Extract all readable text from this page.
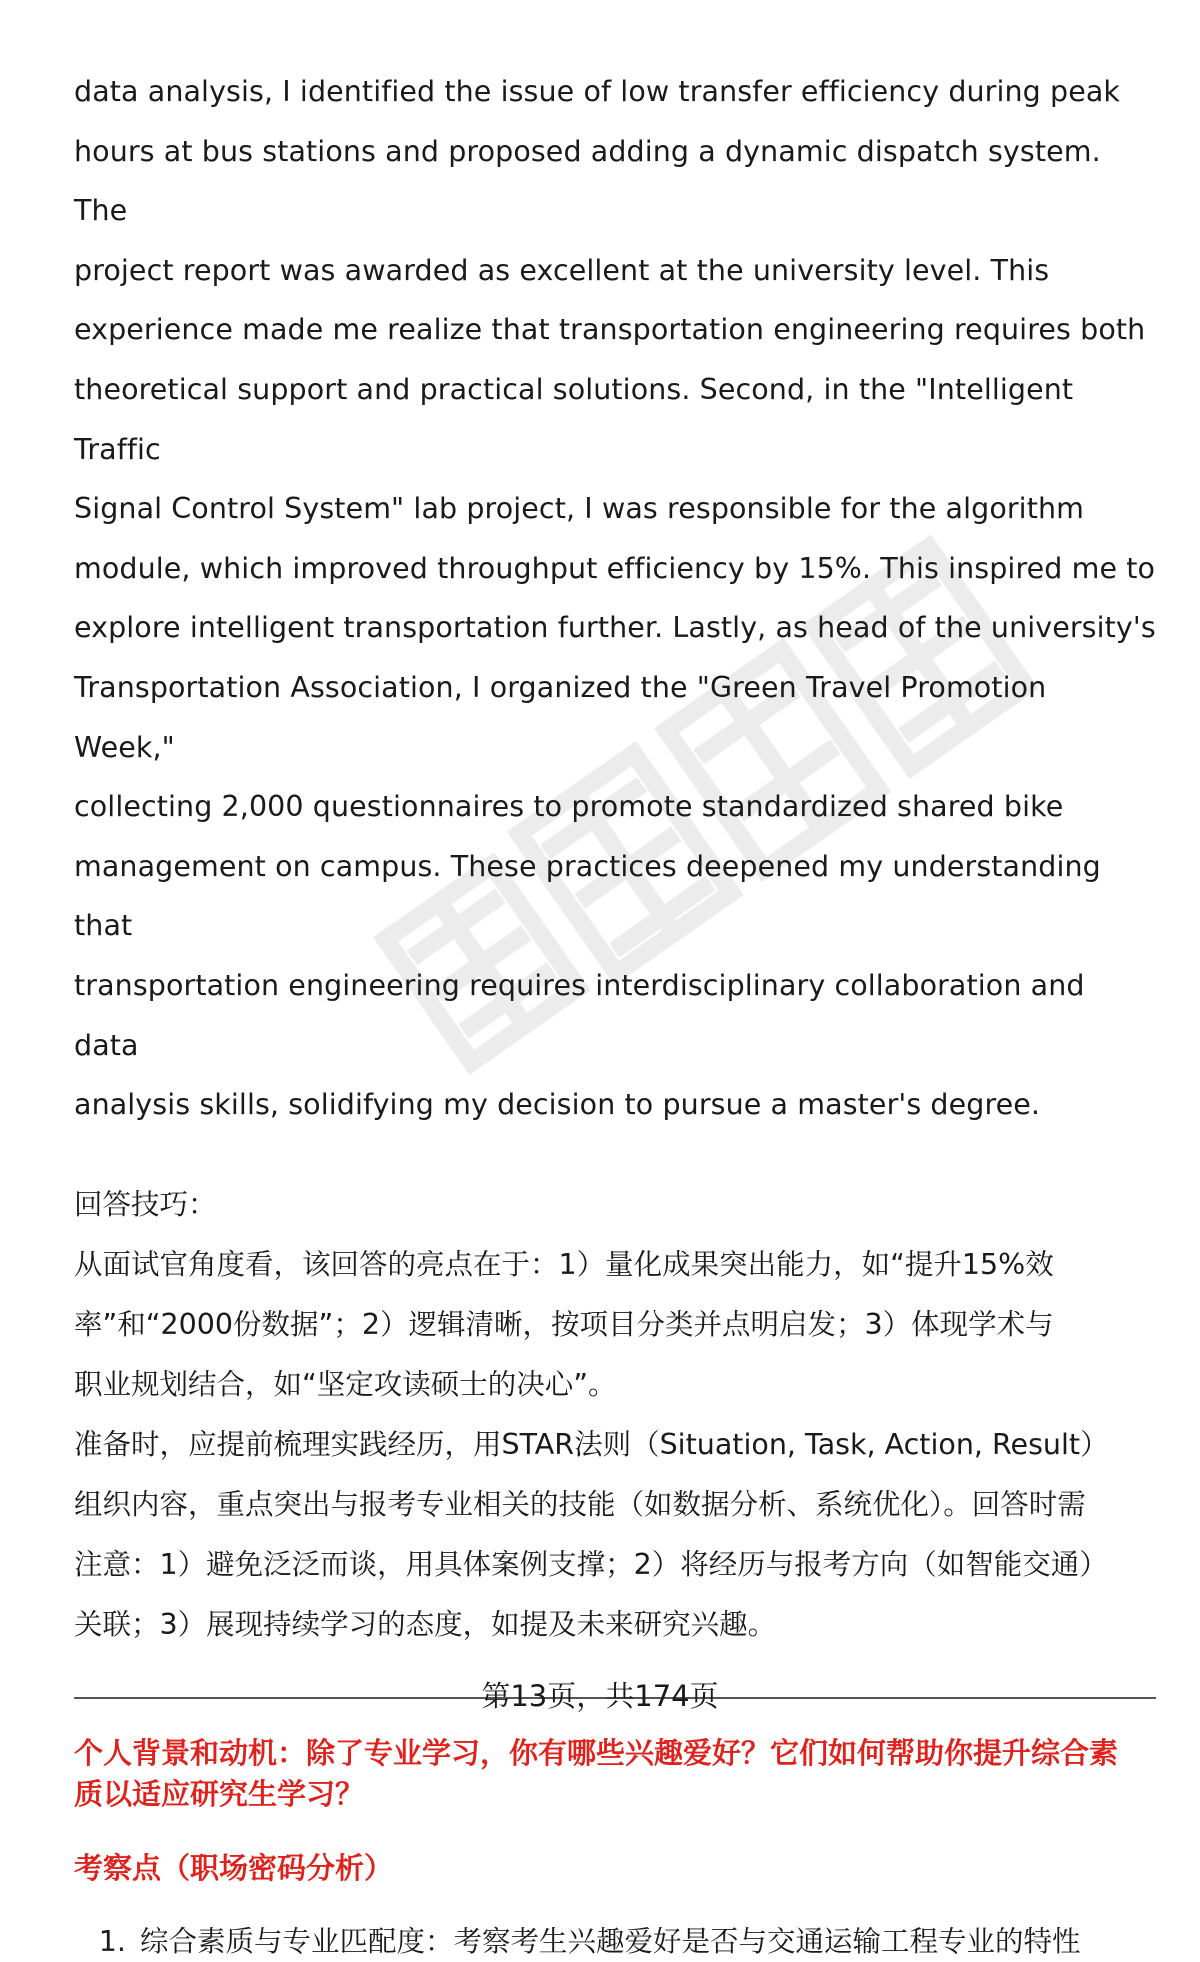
data analysis, I identified the issue of low transfer efficiency during peak
hours at bus stations and proposed adding a dynamic dispatch system. The
project report was awarded as excellent at the university level. This
experience made me realize that transportation engineering requires both
theoretical support and practical solutions. Second, in the "Intelligent Traffic
Signal Control System" lab project, I was responsible for the algorithm
module, which improved throughput efficiency by 15%. This inspired me to
explore intelligent transportation further. Lastly, as head of the university's
Transportation Association, I organized the "Green Travel Promotion Week,"
collecting 2,000 questionnaires to promote standardized shared bike
management on campus. These practices deepened my understanding that
transportation engineering requires interdisciplinary collaboration and data
analysis skills, solidifying my decision to pursue a master's degree.

回答技巧：

从面试官角度看，该回答的亮点在于：1）量化成果突出能力，如“提升15%效

率”和“2000份数据”；2）逻辑清晰，按项目分类并点明启发；3）体现学术与

职业规划结合，如“坚定攻读硕士的决心”。

准备时，应提前梳理实践经历，用STAR法则（Situation, Task, Action, Result）

组织内容，重点突出与报考专业相关的技能（如数据分析、系统优化）。回答时需

注意：1）避免泛泛而谈，用具体案例支撑；2）将经历与报考方向（如智能交通）

关联；3）展现持续学习的态度，如提及未来研究兴趣。

个人背景和动机：除了专业学习，你有哪些兴趣爱好？它们如何帮助你提升综合素
质以适应研究生学习？
考察点（职场密码分析）
1. 综合素质与专业匹配度：考察考生兴趣爱好是否与交通运输工程专业的特性
第13页，共174页
